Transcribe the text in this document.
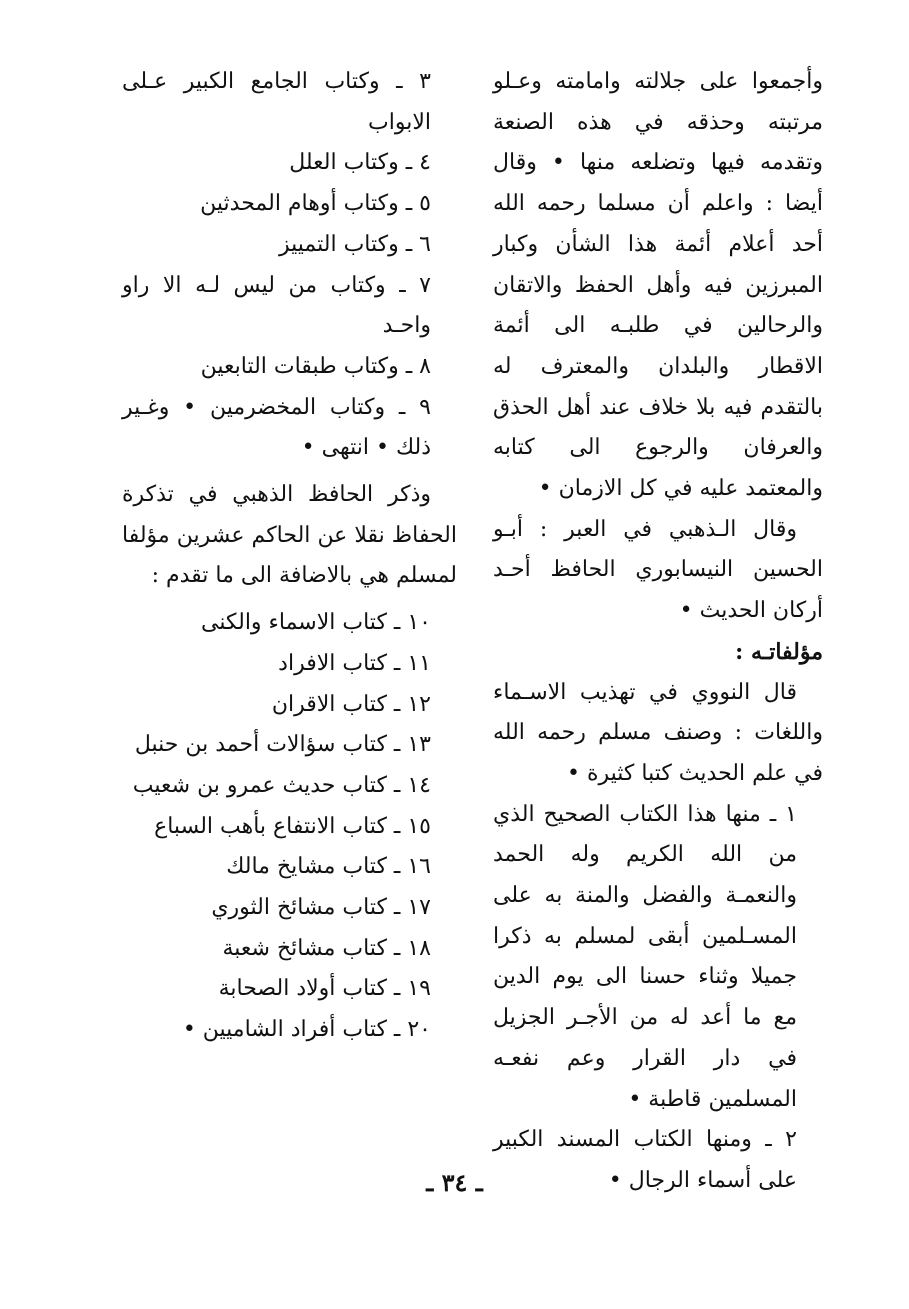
وأجمعوا على جلالته وامامته وعـلو مرتبته وحذقه في هذه الصنعة وتقدمه فيها وتضلعه منها • وقال أيضا : واعلم أن مسلما رحمه الله أحد أعلام أئمة هذا الشأن وكبار المبرزين فيه وأهل الحفظ والاتقان والرحالين في طلبـه الى أئمة الاقطار والبلدان والمعترف له بالتقدم فيه بلا خلاف عند أهل الحذق والعرفان والرجوع الى كتابه والمعتمد عليه في كل الازمان •

وقال الـذهبي في العبر : أبـو الحسين النيسابوري الحافظ أحـد أركان الحديث •

مؤلفاتـه :

قال النووي في تهذيب الاسـماء واللغات : وصنف مسلم رحمه الله في علم الحديث كتبا كثيرة •

١ ـ منها هذا الكتاب الصحيح الذي من الله الكريم وله الحمد والنعمـة والفضل والمنة به على المسـلمين أبقى لمسلم به ذكرا جميلا وثناء حسنا الى يوم الدين مع ما أعد له من الأجـر الجزيل في دار القرار وعم نفعـه المسلمين قاطبة •

٢ ـ ومنها الكتاب المسند الكبير على أسماء الرجال •

٣ ـ وكتاب الجامع الكبير عـلى الابواب

٤ ـ وكتاب العلل

٥ ـ وكتاب أوهام المحدثين

٦ ـ وكتاب التمييز

٧ ـ وكتاب من ليس لـه الا راو واحـد

٨ ـ وكتاب طبقات التابعين

٩ ـ وكتاب المخضرمين • وغـير ذلك • انتهى •

وذكر الحافظ الذهبي في تذكرة الحفاظ نقلا عن الحاكم عشرين مؤلفا لمسلم هي بالاضافة الى ما تقدم :

١٠ ـ كتاب الاسماء والكنى

١١ ـ كتاب الافراد

١٢ ـ كتاب الاقران

١٣ ـ كتاب سؤالات أحمد بن حنبل

١٤ ـ كتاب حديث عمرو بن شعيب

١٥ ـ كتاب الانتفاع بأهب السباع

١٦ ـ كتاب مشايخ مالك

١٧ ـ كتاب مشائخ الثوري

١٨ ـ كتاب مشائخ شعبة

١٩ ـ كتاب أولاد الصحابة

٢٠ ـ كتاب أفراد الشاميين •

ـ ٣٤ ـ
